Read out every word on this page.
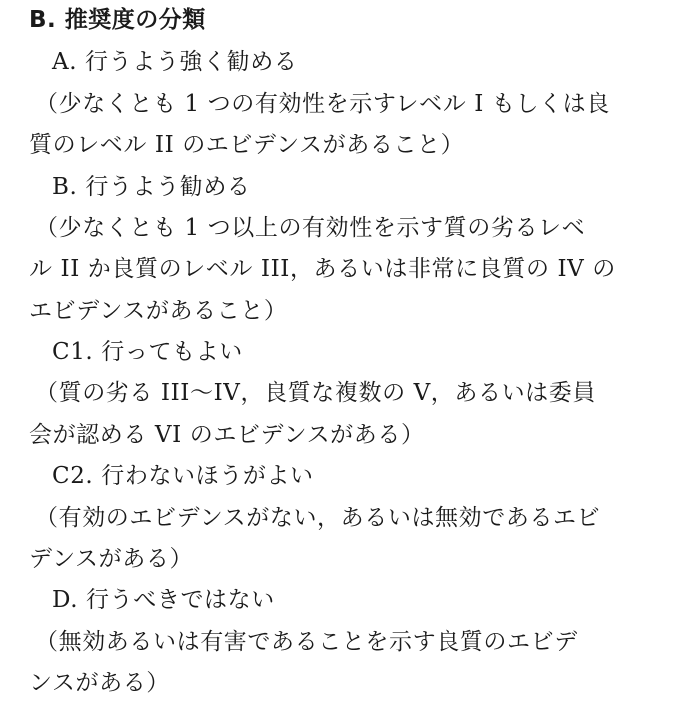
B. 推奨度の分類
A. 行うよう強く勧める
（少なくとも 1 つの有効性を示すレベル I もしくは良
質のレベル II のエビデンスがあること）
B. 行うよう勧める
（少なくとも 1 つ以上の有効性を示す質の劣るレベ
ル II か良質のレベル III，あるいは非常に良質の IV の
エビデンスがあること）
C1. 行ってもよい
（質の劣る III〜IV，良質な複数の V，あるいは委員
会が認める VI のエビデンスがある）
C2. 行わないほうがよい
（有効のエビデンスがない，あるいは無効であるエビ
デンスがある）
D. 行うべきではない
（無効あるいは有害であることを示す良質のエビデ
ンスがある）
